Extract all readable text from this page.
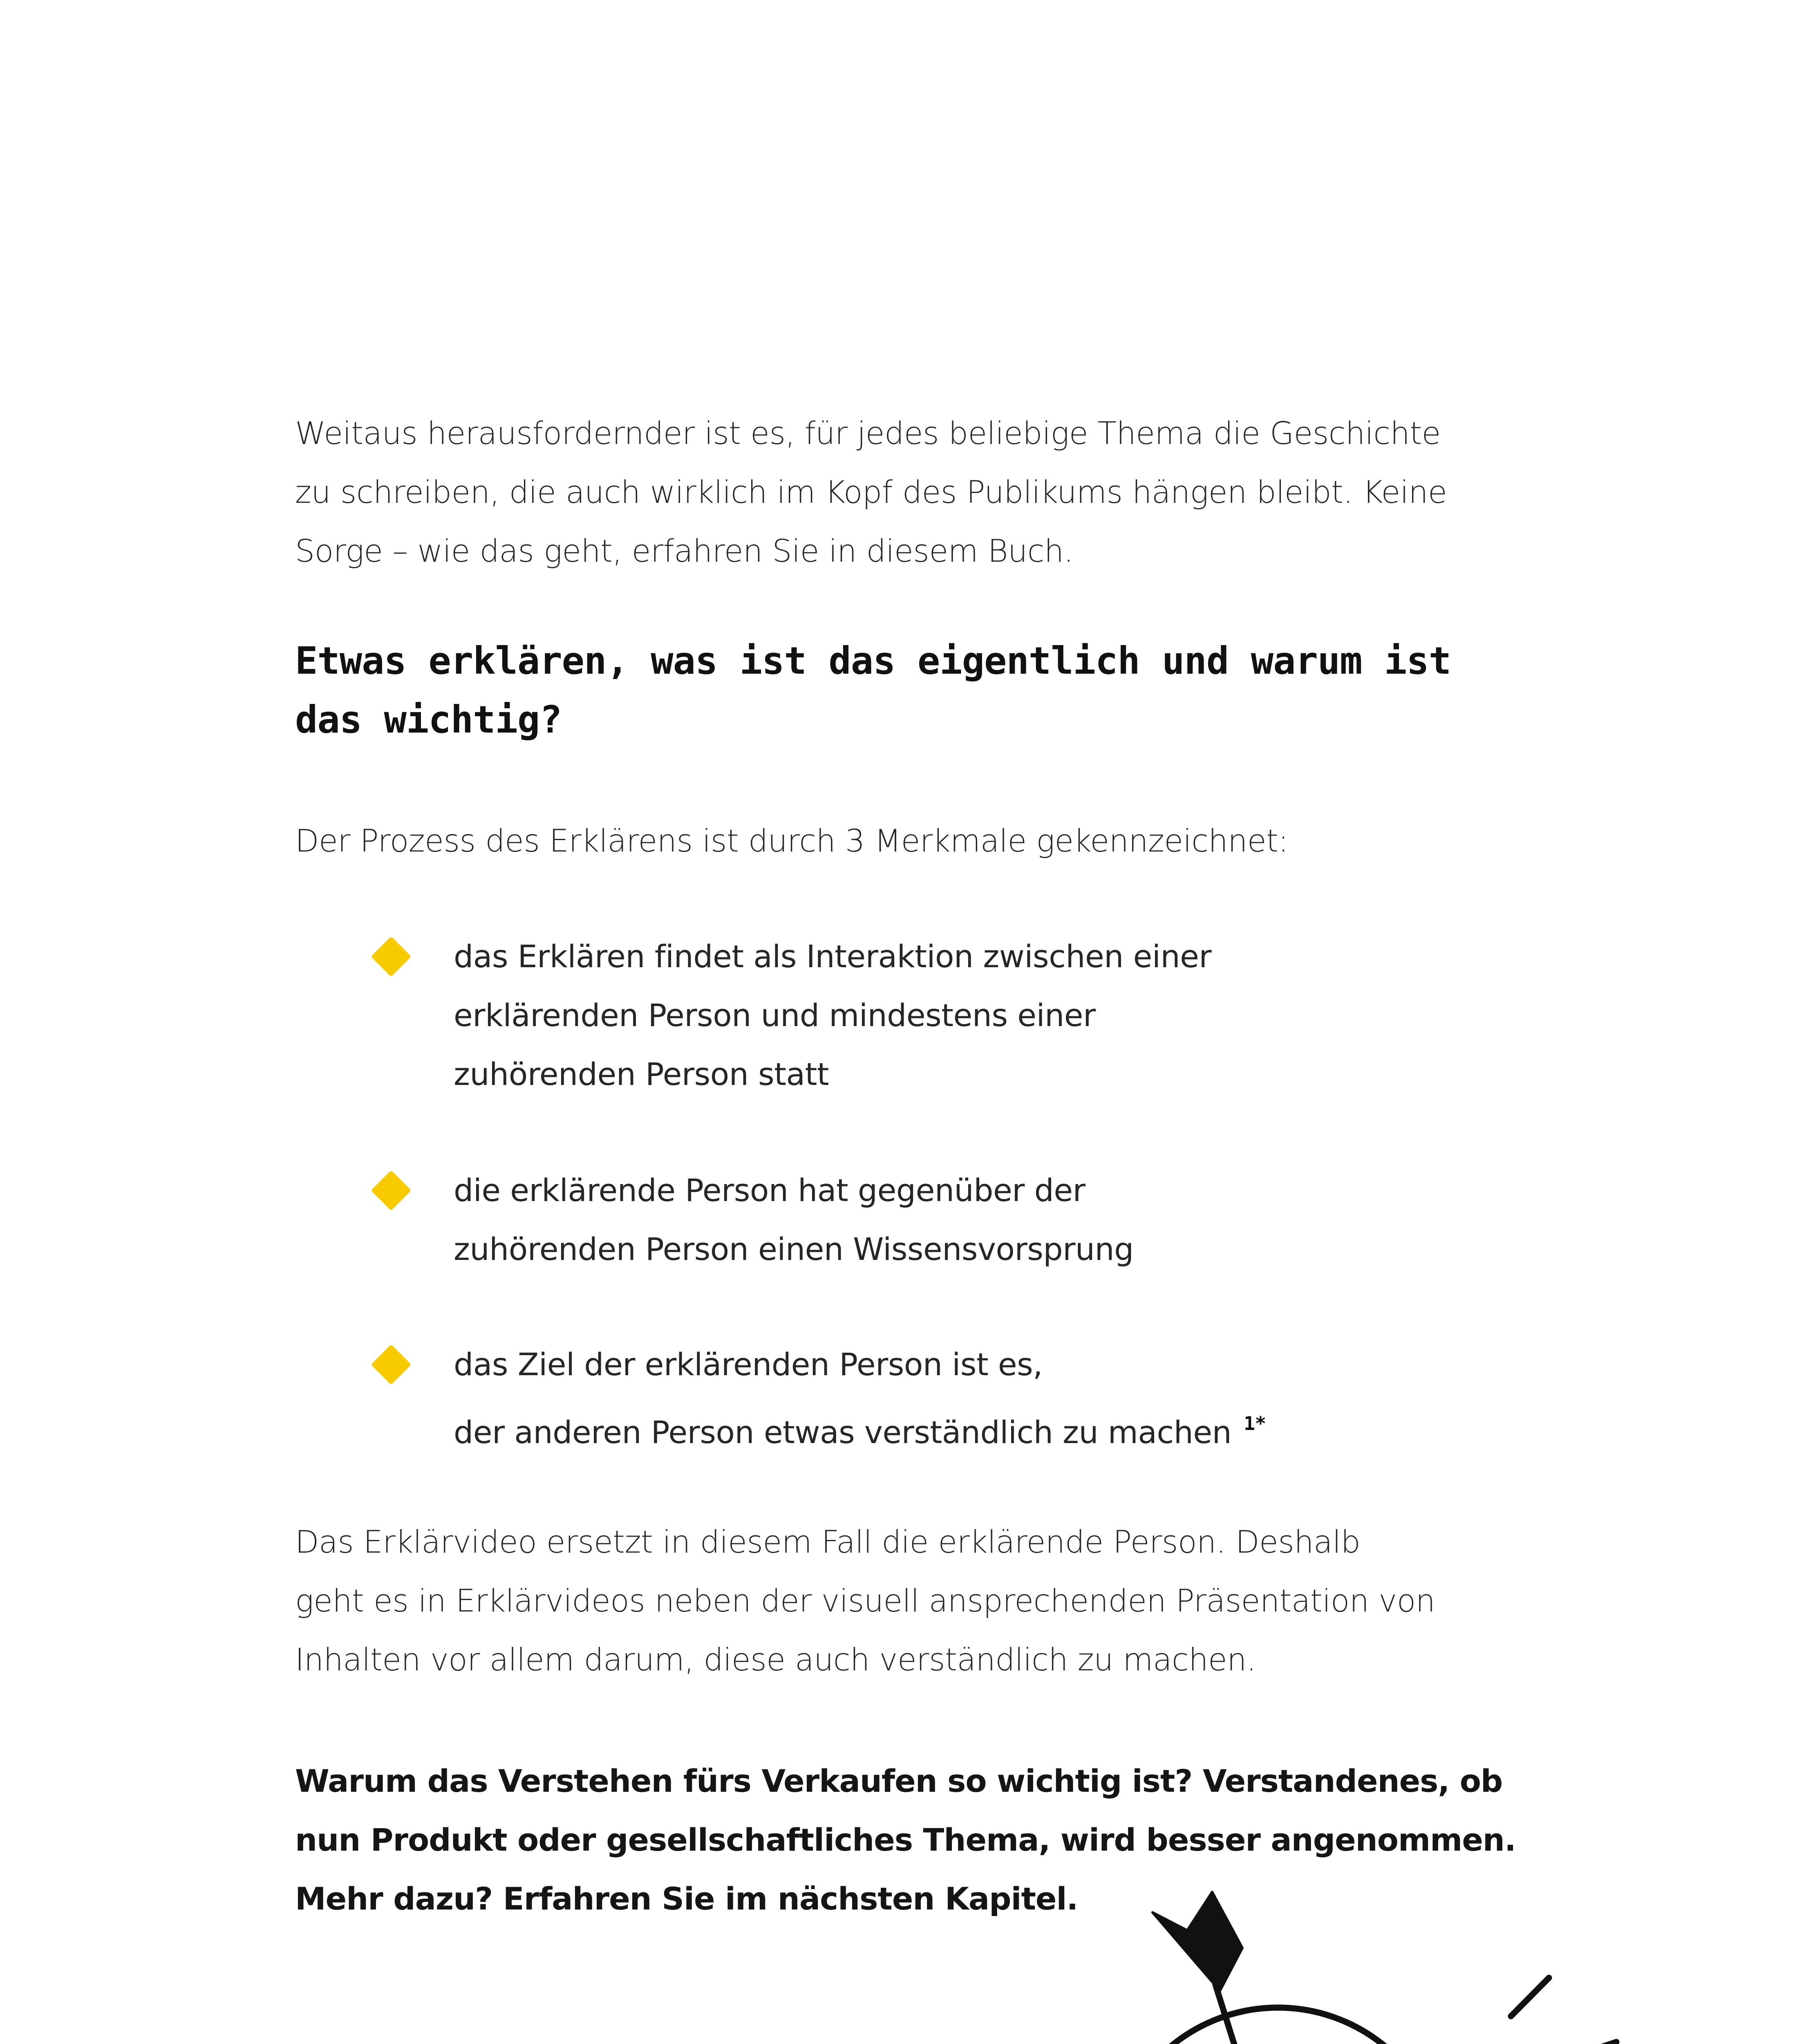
Weitaus herausfordernder ist es, für jedes beliebige Thema die Geschichte
zu schreiben, die auch wirklich im Kopf des Publikums hängen bleibt. Keine
Sorge – wie das geht, erfahren Sie in diesem Buch.

Etwas erklären, was ist das eigentlich und warum ist
das wichtig?

Der Prozess des Erklärens ist durch 3 Merkmale gekennzeichnet:

das Erklären findet als Interaktion zwischen einer
erklärenden Person und mindestens einer
zuhörenden Person statt
die erklärende Person hat gegenüber der
zuhörenden Person einen Wissensvorsprung
das Ziel der erklärenden Person ist es,
der anderen Person etwas verständlich zu machen $^{1*}$

Das Erklärvideo ersetzt in diesem Fall die erklärende Person. Deshalb
geht es in Erklärvideos neben der visuell ansprechenden Präsentation von
Inhalten vor allem darum, diese auch verständlich zu machen.

Warum das Verstehen fürs Verkaufen so wichtig ist? Verstandenes, ob
nun Produkt oder gesellschaftliches Thema, wird besser angenommen.
Mehr dazu? Erfahren Sie im nächsten Kapitel.
